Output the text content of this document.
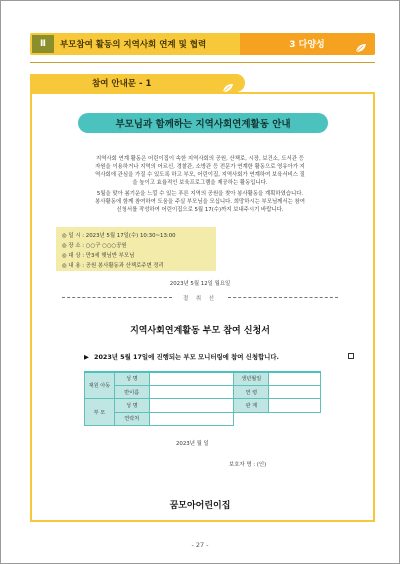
Ⅱ	부모참여 활동의 지역사회 연계 및 협력	3 다양성
참여 안내문 - 1
부모님과 함께하는 지역사회연계활동 안내
지역사회 연계 활동은 어린이집이 속한 지역사회의 공원, 산책로, 시장, 보건소, 도서관 등
자원을 이용하거나 지역의 어르신, 경찰관, 소방관 등 전문가 연계한 활동으로 영유아가 지
역사회에 관심을 가질 수 있도록 하고 부모, 어린이집, 지역사회가 연계하여 보육서비스 질
을 높이고 효율적인 보육프로그램을 제공하는 활동입니다.
5월을 맞아 봄기운을 느낄 수 있는 푸른 지역의 공원을 찾아 봉사활동을 계획하였습니다.
봉사활동에 함께 참여하여 도움을 주실 부모님을 모십니다. 희망하시는 부모님께서는 참여
신청서를 작성하여 어린이집으로 5월 17(수)까지 보내주시기 바랍니다.
◎ 일 시 : 2023년 5월 17일(수) 10:30~13:00
◎ 장 소 : ○○구 ○○○공원
◎ 대 상 : 만3세 햇님반 부모님
◎ 내 용 : 공원 봉사활동과 산책로주변 정리
2023년 5월 12일 월요일
절 취 선
지역사회연계활동 부모 참여 신청서
▶ 2023년 5월 17일에 진행되는 부모 모니터링에 참여 신청합니다.
재원 아동	성 명		생년월일	
	반이름		연 령	
부 모	성 명		관 계	
	연락처			
2023년 월 일
보호자 명 : (인)
꿈모아어린이집
- 27 -
